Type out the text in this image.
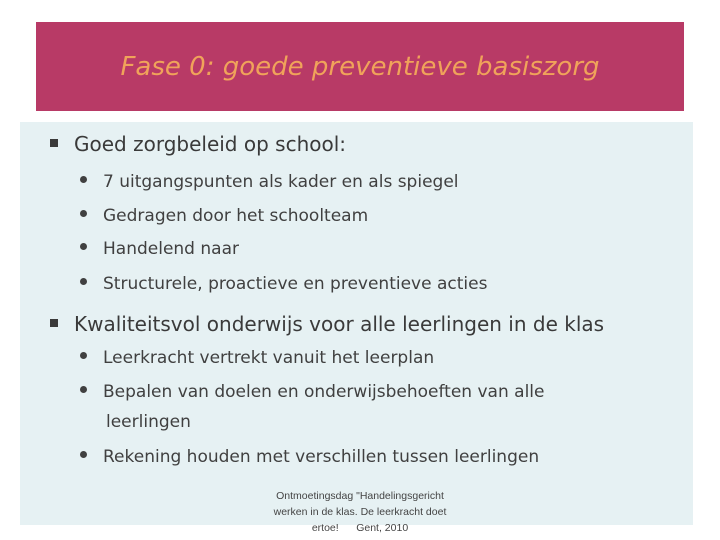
Fase 0: goede preventieve basiszorg
Goed zorgbeleid op school:
7 uitgangspunten als kader en als spiegel
Gedragen door het schoolteam
Handelend naar
Structurele, proactieve en preventieve acties
Kwaliteitsvol onderwijs voor alle leerlingen in de klas
Leerkracht vertrekt vanuit het leerplan
Bepalen van doelen en onderwijsbehoeften van alle
leerlingen
Rekening houden met verschillen tussen leerlingen
Ontmoetingsdag "Handelingsgericht
werken in de klas. De leerkracht doet
ertoe!      Gent, 2010
